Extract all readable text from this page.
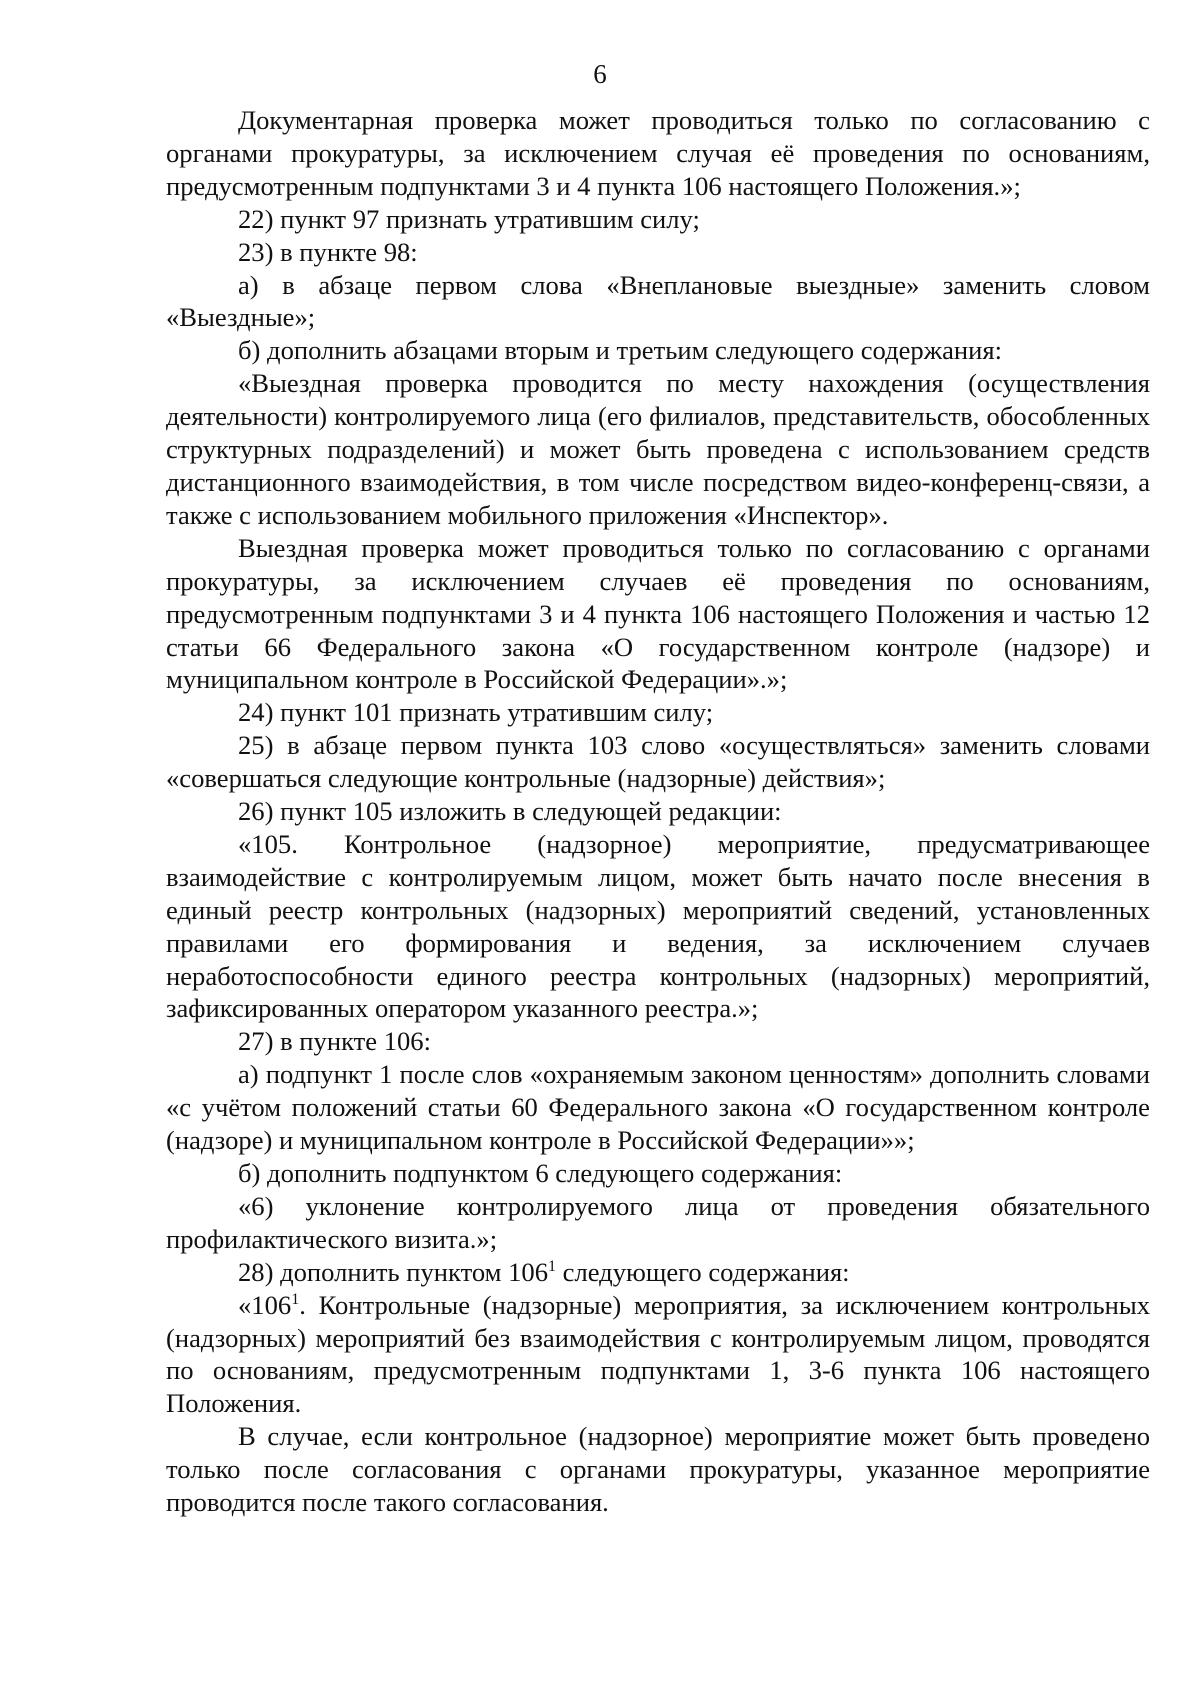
6

Документарная проверка может проводиться только по согласованию с органами прокуратуры, за исключением случая её проведения по основаниям, предусмотренным подпунктами 3 и 4 пункта 106 настоящего Положения.»;

22) пункт 97 признать утратившим силу;

23) в пункте 98:

а) в абзаце первом слова «Внеплановые выездные» заменить словом «Выездные»;

б) дополнить абзацами вторым и третьим следующего содержания:

«Выездная проверка проводится по месту нахождения (осуществления деятельности) контролируемого лица (его филиалов, представительств, обособленных структурных подразделений) и может быть проведена с использованием средств дистанционного взаимодействия, в том числе посредством видео-конференц-связи, а также с использованием мобильного приложения «Инспектор».

Выездная проверка может проводиться только по согласованию с органами прокуратуры, за исключением случаев её проведения по основаниям, предусмотренным подпунктами 3 и 4 пункта 106 настоящего Положения и частью 12 статьи 66 Федерального закона «О государственном контроле (надзоре) и муниципальном контроле в Российской Федерации».»;

24) пункт 101 признать утратившим силу;

25) в абзаце первом пункта 103 слово «осуществляться» заменить словами «совершаться следующие контрольные (надзорные) действия»;

26) пункт 105 изложить в следующей редакции:

«105. Контрольное (надзорное) мероприятие, предусматривающее взаимодействие с контролируемым лицом, может быть начато после внесения в единый реестр контрольных (надзорных) мероприятий сведений, установленных правилами его формирования и ведения, за исключением случаев неработоспособности единого реестра контрольных (надзорных) мероприятий, зафиксированных оператором указанного реестра.»;

27) в пункте 106:

а) подпункт 1 после слов «охраняемым законом ценностям» дополнить словами «с учётом положений статьи 60 Федерального закона «О государственном контроле (надзоре) и муниципальном контроле в Российской Федерации»»;

б) дополнить подпунктом 6 следующего содержания:

«6) уклонение контролируемого лица от проведения обязательного профилактического визита.»;

28) дополнить пунктом $106^1$ следующего содержания:

«$106^1$. Контрольные (надзорные) мероприятия, за исключением контрольных (надзорных) мероприятий без взаимодействия с контролируемым лицом, проводятся по основаниям, предусмотренным подпунктами 1, 3-6 пункта 106 настоящего Положения.

В случае, если контрольное (надзорное) мероприятие может быть проведено только после согласования с органами прокуратуры, указанное мероприятие проводится после такого согласования.
